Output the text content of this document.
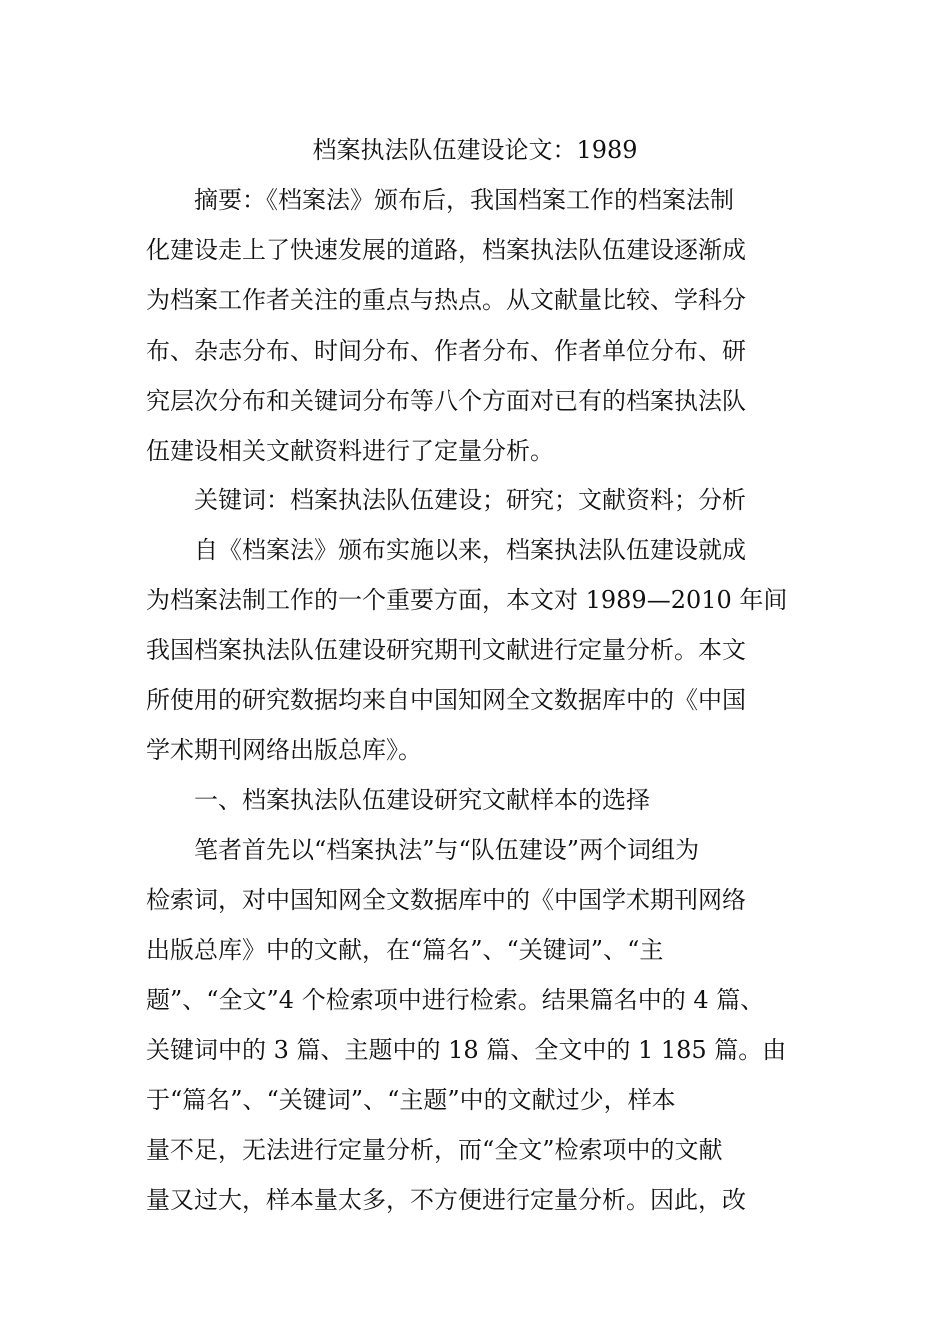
档案执法队伍建设论文：1989
摘要：《档案法》颁布后，我国档案工作的档案法制
化建设走上了快速发展的道路，档案执法队伍建设逐渐成
为档案工作者关注的重点与热点。从文献量比较、学科分
布、杂志分布、时间分布、作者分布、作者单位分布、研
究层次分布和关键词分布等八个方面对已有的档案执法队
伍建设相关文献资料进行了定量分析。
关键词：档案执法队伍建设；研究；文献资料；分析
自《档案法》颁布实施以来，档案执法队伍建设就成
为档案法制工作的一个重要方面，本文对 1989—2010 年间
我国档案执法队伍建设研究期刊文献进行定量分析。本文
所使用的研究数据均来自中国知网全文数据库中的《中国
学术期刊网络出版总库》。
一、档案执法队伍建设研究文献样本的选择
笔者首先以“档案执法”与“队伍建设”两个词组为
检索词，对中国知网全文数据库中的《中国学术期刊网络
出版总库》中的文献，在“篇名”、“关键词”、“主
题”、“全文”4 个检索项中进行检索。结果篇名中的 4 篇、
关键词中的 3 篇、主题中的 18 篇、全文中的 1 185 篇。由
于“篇名”、“关键词”、“主题”中的文献过少，样本
量不足，无法进行定量分析，而“全文”检索项中的文献
量又过大，样本量太多，不方便进行定量分析。因此，改
